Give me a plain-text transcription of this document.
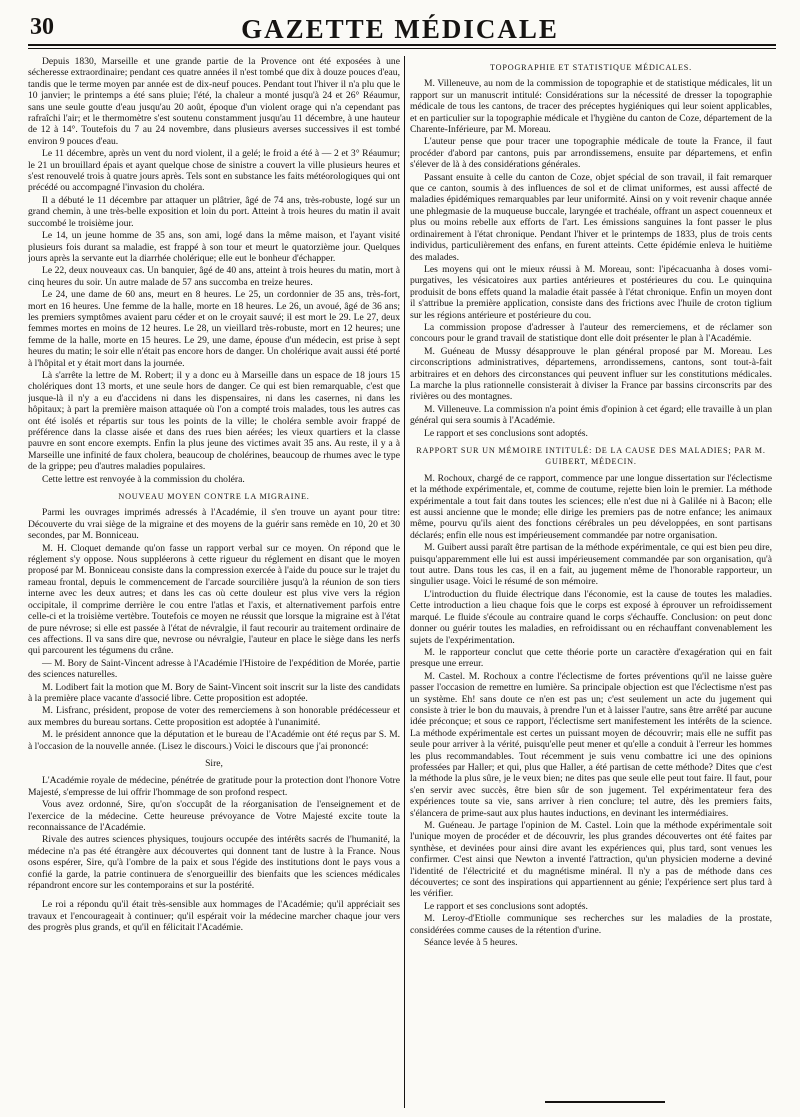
30	GAZETTE MÉDICALE

Depuis 1830, Marseille et une grande partie de la Provence ont été exposées à une sécheresse extraordinaire; pendant ces quatre années il n'est tombé que dix à douze pouces d'eau, tandis que le terme moyen par année est de dix-neuf pouces. Pendant tout l'hiver il n'a plu que le 10 janvier; le printemps a été sans pluie; l'été, la chaleur a monté jusqu'à 24 et 26° Réaumur, sans une seule goutte d'eau jusqu'au 20 août, époque d'un violent orage qui n'a cependant pas rafraîchi l'air; et le thermomètre s'est soutenu constamment jusqu'au 11 décembre, à une hauteur de 12 à 14°. Toutefois du 7 au 24 novembre, dans plusieurs averses successives il est tombé environ 9 pouces d'eau.

Le 11 décembre, après un vent du nord violent, il a gelé; le froid a été à — 2 et 3° Réaumur; le 21 un brouillard épais et ayant quelque chose de sinistre a couvert la ville plusieurs heures et s'est renouvelé trois à quatre jours après. Tels sont en substance les faits météorologiques qui ont précédé ou accompagné l'invasion du choléra.

Il a débuté le 11 décembre par attaquer un plâtrier, âgé de 74 ans, très-robuste, logé sur un grand chemin, à une très-belle exposition et loin du port. Atteint à trois heures du matin il avait succombé le troisième jour.

Le 14, un jeune homme de 35 ans, son ami, logé dans la même maison, et l'ayant visité plusieurs fois durant sa maladie, est frappé à son tour et meurt le quatorzième jour. Quelques jours après la servante eut la diarrhée cholérique; elle eut le bonheur d'échapper.

Le 22, deux nouveaux cas. Un banquier, âgé de 40 ans, atteint à trois heures du matin, mort à cinq heures du soir. Un autre malade de 57 ans succomba en treize heures.

Le 24, une dame de 60 ans, meurt en 8 heures. Le 25, un cordonnier de 35 ans, très-fort, mort en 16 heures. Une femme de la halle, morte en 18 heures. Le 26, un avoué, âgé de 36 ans; les premiers symptômes avaient paru céder et on le croyait sauvé; il est mort le 29. Le 27, deux femmes mortes en moins de 12 heures. Le 28, un vieillard très-robuste, mort en 12 heures; une femme de la halle, morte en 15 heures. Le 29, une dame, épouse d'un médecin, est prise à sept heures du matin; le soir elle n'était pas encore hors de danger. Un cholérique avait aussi été porté à l'hôpital et y était mort dans la journée.

Là s'arrête la lettre de M. Robert; il y a donc eu à Marseille dans un espace de 18 jours 15 cholériques dont 13 morts, et une seule hors de danger. Ce qui est bien remarquable, c'est que jusque-là il n'y a eu d'accidens ni dans les dispensaires, ni dans les casernes, ni dans les hôpitaux; à part la première maison attaquée où l'on a compté trois malades, tous les autres cas ont été isolés et répartis sur tous les points de la ville; le choléra semble avoir frappé de préférence dans la classe aisée et dans des rues bien aérées; les vieux quartiers et la classe pauvre en sont encore exempts. Enfin la plus jeune des victimes avait 35 ans. Au reste, il y a à Marseille une infinité de faux cholera, beaucoup de cholérines, beaucoup de rhumes avec le type de la grippe; peu d'autres maladies populaires.

Cette lettre est renvoyée à la commission du choléra.

NOUVEAU MOYEN CONTRE LA MIGRAINE.

Parmi les ouvrages imprimés adressés à l'Académie, il s'en trouve un ayant pour titre: Découverte du vrai siège de la migraine et des moyens de la guérir sans remède en 10, 20 et 30 secondes, par M. Bonniceau.

M. H. Cloquet demande qu'on fasse un rapport verbal sur ce moyen. On répond que le réglement s'y oppose. Nous suppléerons à cette rigueur du réglement en disant que le moyen proposé par M. Bonniceau consiste dans la compression exercée à l'aide du pouce sur le trajet du rameau frontal, depuis le commencement de l'arcade sourcilière jusqu'à la réunion de son tiers interne avec les deux autres; et dans les cas où cette douleur est plus vive vers la région occipitale, il comprime derrière le cou entre l'atlas et l'axis, et alternativement parfois entre celle-ci et la troisième vertèbre. Toutefois ce moyen ne réussit que lorsque la migraine est à l'état de pure névrose; si elle est passée à l'état de névralgie, il faut recourir au traitement ordinaire de ces affections. Il va sans dire que, nevrose ou névralgie, l'auteur en place le siège dans les nerfs qui parcourent les tégumens du crâne.

— M. Bory de Saint-Vincent adresse à l'Académie l'Histoire de l'expédition de Morée, partie des sciences naturelles.

M. Lodibert fait la motion que M. Bory de Saint-Vincent soit inscrit sur la liste des candidats à la première place vacante d'associé libre. Cette proposition est adoptée.

M. Lisfranc, président, propose de voter des remerciemens à son honorable prédécesseur et aux membres du bureau sortans. Cette proposition est adoptée à l'unanimité.

M. le président annonce que la députation et le bureau de l'Académie ont été reçus par S. M. à l'occasion de la nouvelle année. (Lisez le discours.) Voici le discours que j'ai prononcé:

Sire,

L'Académie royale de médecine, pénétrée de gratitude pour la protection dont l'honore Votre Majesté, s'empresse de lui offrir l'hommage de son profond respect.

Vous avez ordonné, Sire, qu'on s'occupât de la réorganisation de l'enseignement et de l'exercice de la médecine. Cette heureuse prévoyance de Votre Majesté excite toute la reconnaissance de l'Académie.

Rivale des autres sciences physiques, toujours occupée des intérêts sacrés de l'humanité, la médecine n'a pas été étrangère aux découvertes qui donnent tant de lustre à la France. Nous osons espérer, Sire, qu'à l'ombre de la paix et sous l'égide des institutions dont le pays vous a confié la garde, la patrie continuera de s'enorgueillir des bienfaits que les sciences médicales répandront encore sur les contemporains et sur la postérité.

Le roi a répondu qu'il était très-sensible aux hommages de l'Académie; qu'il appréciait ses travaux et l'encourageait à continuer; qu'il espérait voir la médecine marcher chaque jour vers des progrès plus grands, et qu'il en félicitait l'Académie.

TOPOGRAPHIE ET STATISTIQUE MÉDICALES.

M. Villeneuve, au nom de la commission de topographie et de statistique médicales, lit un rapport sur un manuscrit intitulé: Considérations sur la nécessité de dresser la topographie médicale de tous les cantons, de tracer des préceptes hygiéniques qui leur soient applicables, et en particulier sur la topographie médicale et l'hygiène du canton de Coze, département de la Charente-Inférieure, par M. Moreau.

L'auteur pense que pour tracer une topographie médicale de toute la France, il faut procéder d'abord par cantons, puis par arrondissemens, ensuite par départemens, et enfin s'élever de là à des considérations générales.

Passant ensuite à celle du canton de Coze, objet spécial de son travail, il fait remarquer que ce canton, soumis à des influences de sol et de climat uniformes, est aussi affecté de maladies épidémiques remarquables par leur uniformité. Ainsi on y voit revenir chaque année une phlegmasie de la muqueuse buccale, laryngée et trachéale, offrant un aspect couenneux et plus ou moins rebelle aux efforts de l'art. Les émissions sanguines la font passer le plus ordinairement à l'état chronique. Pendant l'hiver et le printemps de 1833, plus de trois cents individus, particulièrement des enfans, en furent atteints. Cette épidémie enleva le huitième des malades.

Les moyens qui ont le mieux réussi à M. Moreau, sont: l'ipécacuanha à doses vomi-purgatives, les vésicatoires aux parties antérieures et postérieures du cou. Le quinquina produisit de bons effets quand la maladie était passée à l'état chronique. Enfin un moyen dont il s'attribue la première application, consiste dans des frictions avec l'huile de croton tiglium sur les régions antérieure et postérieure du cou.

La commission propose d'adresser à l'auteur des remerciemens, et de réclamer son concours pour le grand travail de statistique dont elle doit présenter le plan à l'Académie.

M. Guéneau de Mussy désapprouve le plan général proposé par M. Moreau. Les circonscriptions administratives, départemens, arrondissemens, cantons, sont tout-à-fait arbitraires et en dehors des circonstances qui peuvent influer sur les constitutions médicales. La marche la plus rationnelle consisterait à diviser la France par bassins circonscrits par des rivières ou des montagnes.

M. Villeneuve. La commission n'a point émis d'opinion à cet égard; elle travaille à un plan général qui sera soumis à l'Académie.

Le rapport et ses conclusions sont adoptés.

RAPPORT SUR UN MÉMOIRE INTITULÉ: DE LA CAUSE DES MALADIES; PAR M. GUIBERT, MÉDECIN.

M. Rochoux, chargé de ce rapport, commence par une longue dissertation sur l'éclectisme et la méthode expérimentale, et, comme de coutume, rejette bien loin le premier. La méthode expérimentale a tout fait dans toutes les sciences; elle n'est due ni à Galilée ni à Bacon; elle est aussi ancienne que le monde; elle dirige les premiers pas de notre enfance; les animaux même, pourvu qu'ils aient des fonctions cérébrales un peu développées, en sont partisans déclarés; enfin elle nous est impérieusement commandée par notre organisation.

M. Guibert aussi paraît être partisan de la méthode expérimentale, ce qui est bien peu dire, puisqu'apparemment elle lui est aussi impérieusement commandée par son organisation, qu'à tout autre. Dans tous les cas, il en a fait, au jugement même de l'honorable rapporteur, un singulier usage. Voici le résumé de son mémoire.

L'introduction du fluide électrique dans l'économie, est la cause de toutes les maladies. Cette introduction a lieu chaque fois que le corps est exposé à éprouver un refroidissement marqué. Le fluide s'écoule au contraire quand le corps s'échauffe. Conclusion: on peut donc donner ou guérir toutes les maladies, en refroidissant ou en réchauffant convenablement les sujets de l'expérimentation.

M. le rapporteur conclut que cette théorie porte un caractère d'exagération qui en fait presque une erreur.

M. Castel. M. Rochoux a contre l'éclectisme de fortes préventions qu'il ne laisse guère passer l'occasion de remettre en lumière. Sa principale objection est que l'éclectisme n'est pas un système. Eh! sans doute ce n'en est pas un; c'est seulement un acte du jugement qui consiste à trier le bon du mauvais, à prendre l'un et à laisser l'autre, sans être arrêté par aucune idée préconçue; et sous ce rapport, l'éclectisme sert manifestement les intérêts de la science. La méthode expérimentale est certes un puissant moyen de découvrir; mais elle ne suffit pas seule pour arriver à la vérité, puisqu'elle peut mener et qu'elle a conduit à l'erreur les hommes les plus recommandables. Tout récemment je suis venu combattre ici une des opinions professées par Haller; et qui, plus que Haller, a été partisan de cette méthode? Dites que c'est la méthode la plus sûre, je le veux bien; ne dites pas que seule elle peut tout faire. Il faut, pour s'en servir avec succès, être bien sûr de son jugement. Tel expérimentateur fera des expériences toute sa vie, sans arriver à rien conclure; tel autre, dès les premiers faits, s'élancera de prime-saut aux plus hautes inductions, en devinant les intermédiaires.

M. Guéneau. Je partage l'opinion de M. Castel. Loin que la méthode expérimentale soit l'unique moyen de procéder et de découvrir, les plus grandes découvertes ont été faites par synthèse, et devinées pour ainsi dire avant les expériences qui, plus tard, sont venues les confirmer. C'est ainsi que Newton a inventé l'attraction, qu'un physicien moderne a deviné l'identité de l'électricité et du magnétisme minéral. Il n'y a pas de méthode dans ces découvertes; ce sont des inspirations qui appartiennent au génie; l'expérience sert plus tard à les vérifier.

Le rapport et ses conclusions sont adoptés.

M. Leroy-d'Etiolle communique ses recherches sur les maladies de la prostate, considérées comme causes de la rétention d'urine.

Séance levée à 5 heures.
